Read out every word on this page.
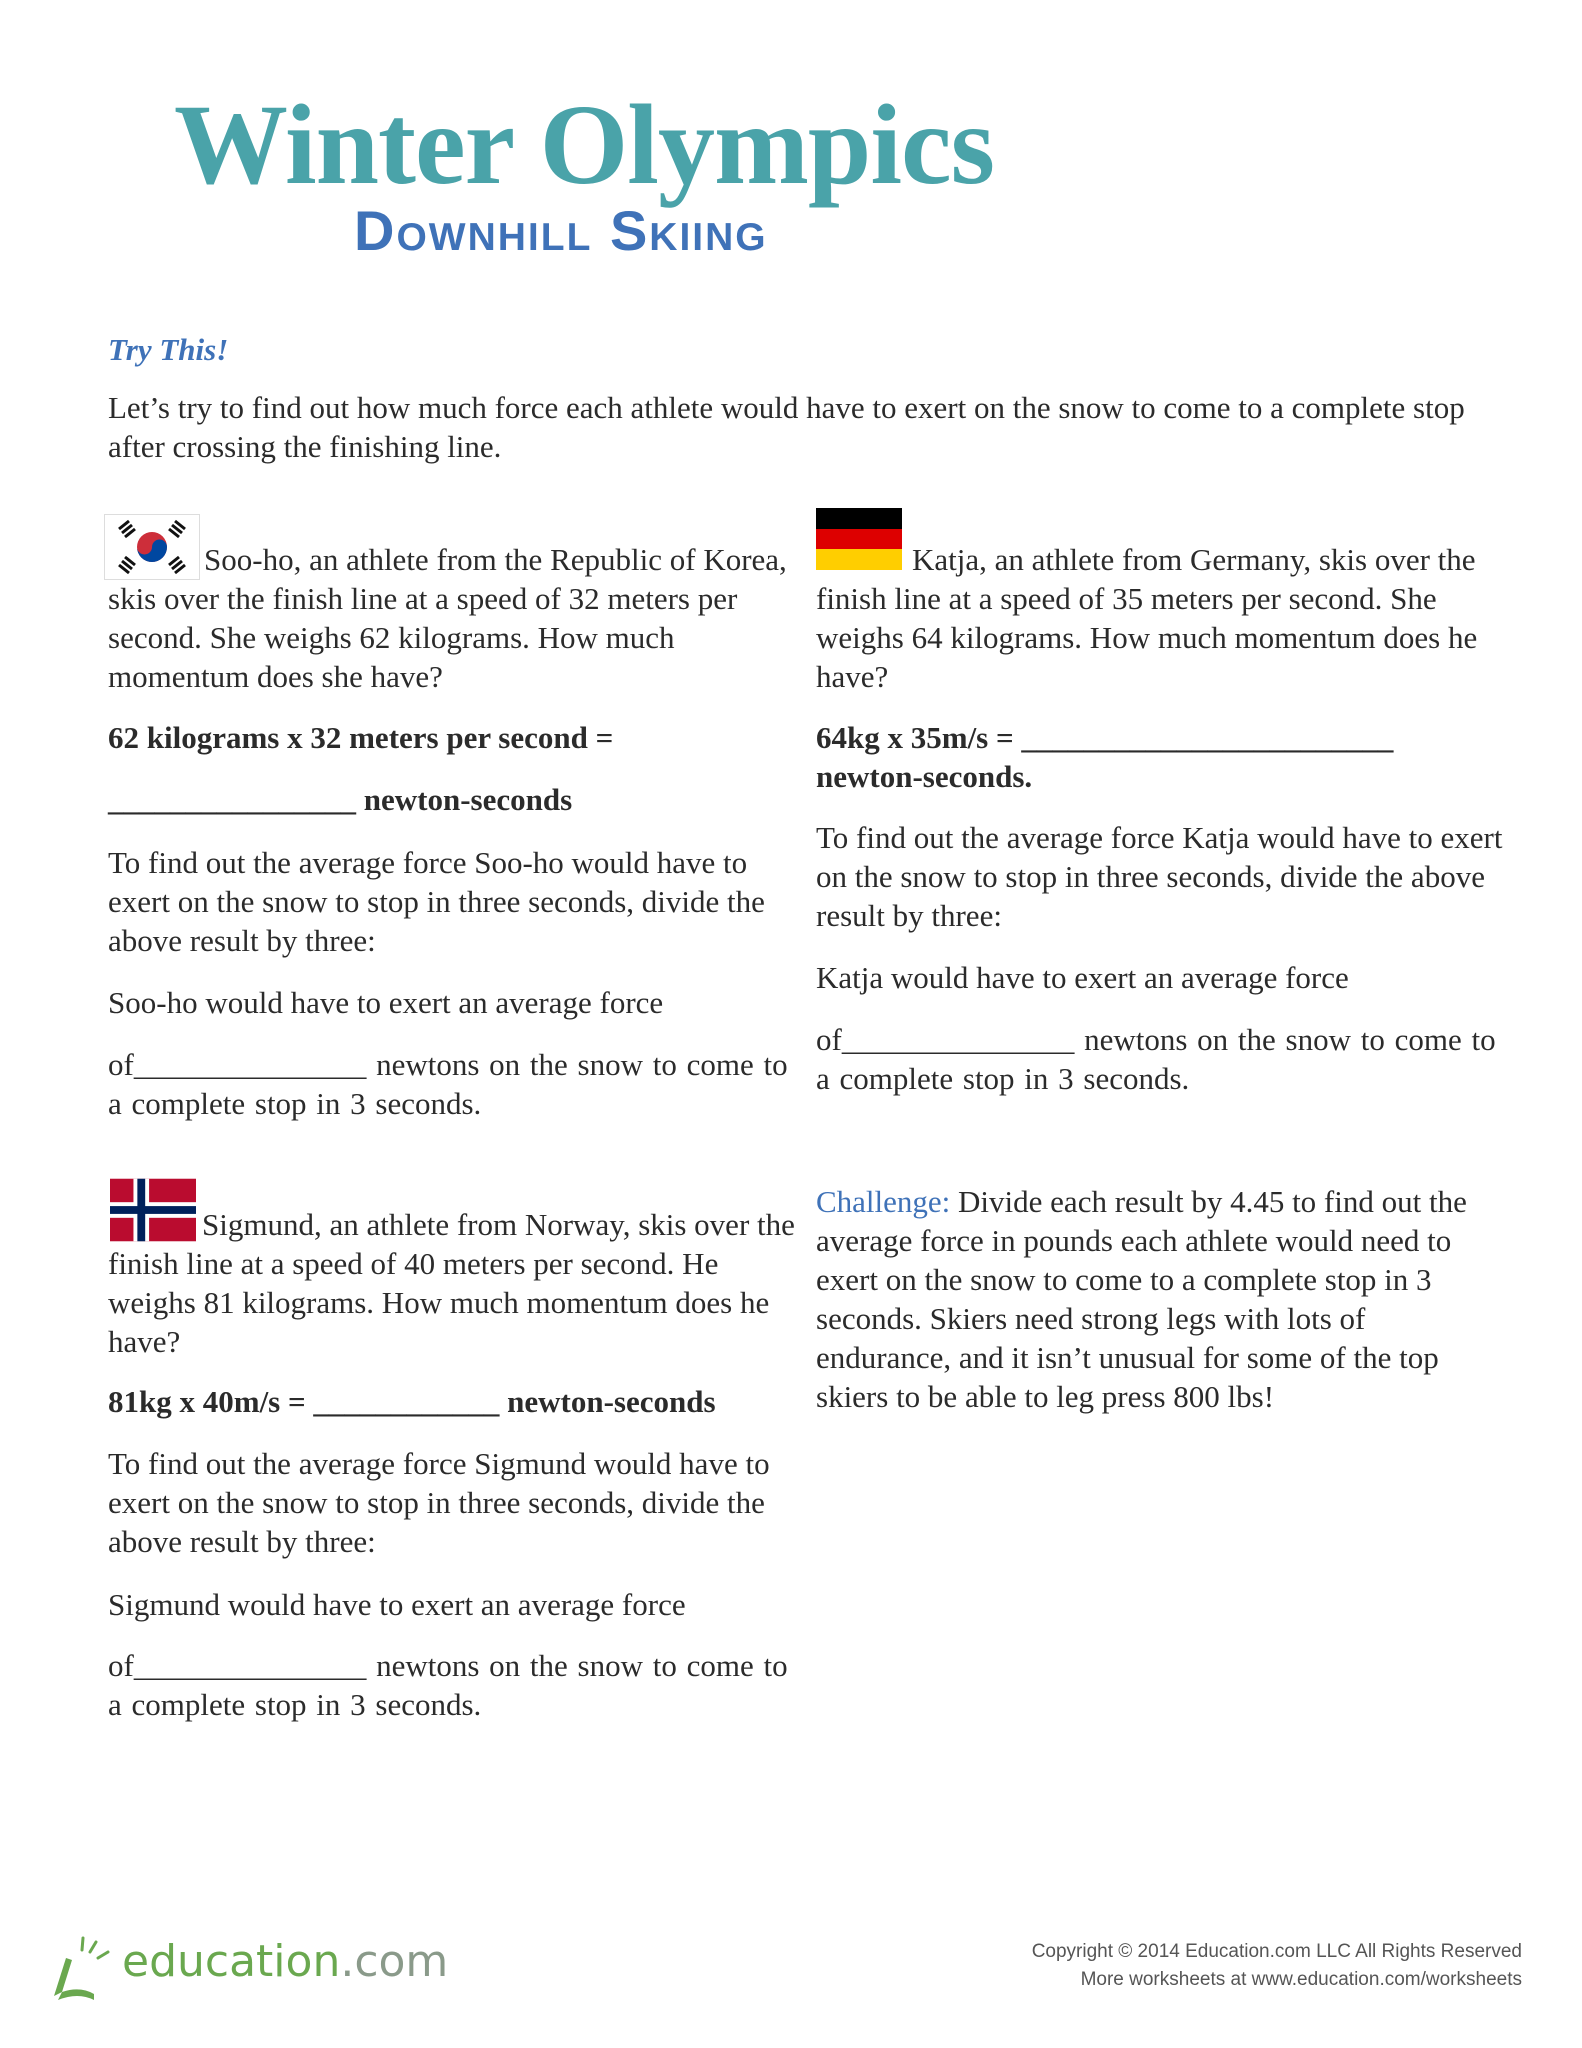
Winter Olympics
Downhill Skiing
Try This!
Let’s try to find out how much force each athlete would have to exert on the snow to come to a complete stop after crossing the finishing line.
Soo-ho, an athlete from the Republic of Korea, skis over the finish line at a speed of 32 meters per second. She weighs 62 kilograms. How much momentum does she have?
62 kilograms x 32 meters per second =
________________ newton-seconds
To find out the average force Soo-ho would have to exert on the snow to stop in three seconds, divide the above result by three:
Soo-ho would have to exert an average force
of_______________ newtons on the snow to come to a complete stop in 3 seconds.
Sigmund, an athlete from Norway, skis over the finish line at a speed of 40 meters per second. He weighs 81 kilograms. How much momentum does he have?
81kg x 40m/s = ____________ newton-seconds
To find out the average force Sigmund would have to exert on the snow to stop in three seconds, divide the above result by three:
Sigmund would have to exert an average force
of_______________ newtons on the snow to come to a complete stop in 3 seconds.
Katja, an athlete from Germany, skis over the finish line at a speed of 35 meters per second. She weighs 64 kilograms. How much momentum does he have?
64kg x 35m/s = ________________________ newton-seconds.
To find out the average force Katja would have to exert on the snow to stop in three seconds, divide the above result by three:
Katja would have to exert an average force
of_______________ newtons on the snow to come to a complete stop in 3 seconds.
Challenge: Divide each result by 4.45 to find out the average force in pounds each athlete would need to exert on the snow to come to a complete stop in 3 seconds. Skiers need strong legs with lots of endurance, and it isn’t unusual for some of the top skiers to be able to leg press 800 lbs!
education.com	Copyright © 2014 Education.com LLC All Rights Reserved
More worksheets at www.education.com/worksheets
